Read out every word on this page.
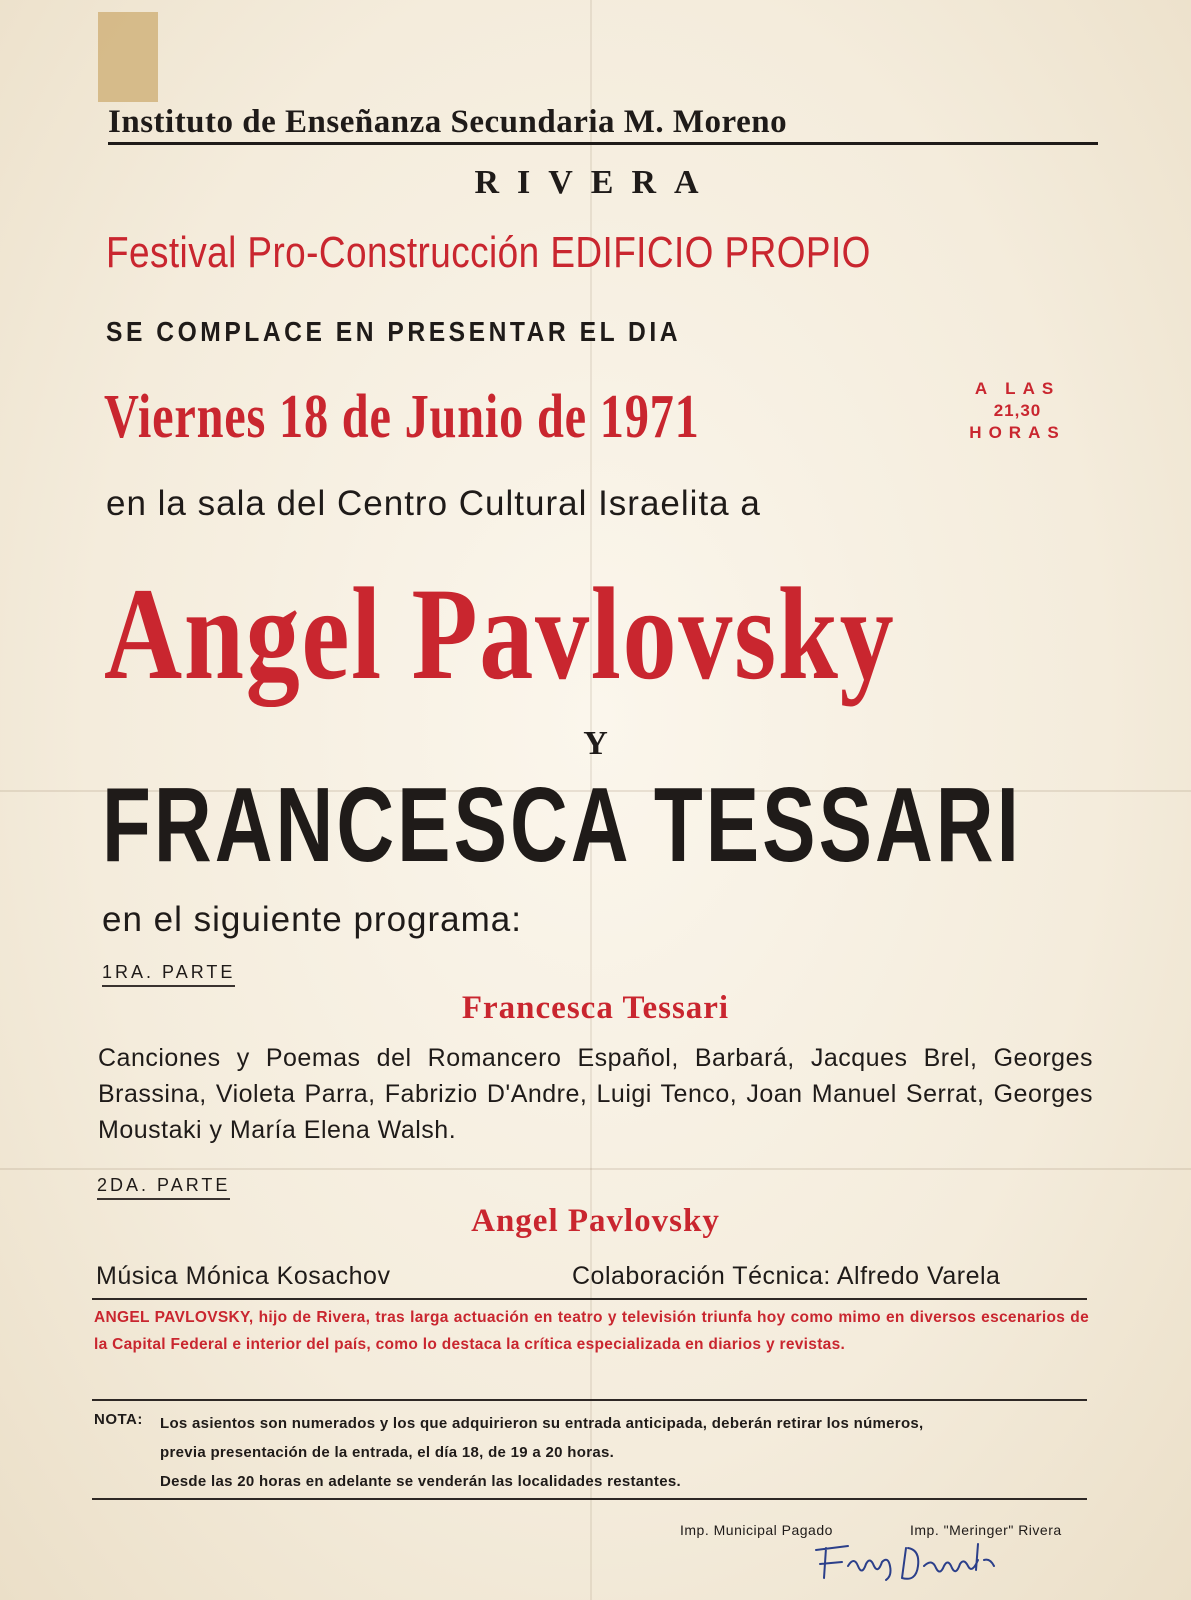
Instituto de Enseñanza Secundaria M. Moreno
RIVERA
Festival Pro-Construcción EDIFICIO PROPIO
SE COMPLACE EN PRESENTAR EL DIA
Viernes 18 de Junio de 1971	A LAS
21,30
HORAS
en la sala del Centro Cultural Israelita a
Angel Pavlovsky
Y
FRANCESCA TESSARI
en el siguiente programa:
1RA. PARTE
Francesca Tessari
Canciones y Poemas del Romancero Español, Barbará, Jacques Brel, Georges Brassina, Violeta Parra, Fabrizio D'Andre, Luigi Tenco, Joan Manuel Serrat, Georges Moustaki y María Elena Walsh.
2DA. PARTE
Angel Pavlovsky
Música Mónica Kosachov	Colaboración Técnica: Alfredo Varela
ANGEL PAVLOVSKY, hijo de Rivera, tras larga actuación en teatro y televisión triunfa hoy como mimo en diversos escenarios de la Capital Federal e interior del país, como lo destaca la crítica especializada en diarios y revistas.
NOTA: Los asientos son numerados y los que adquirieron su entrada anticipada, deberán retirar los números,
previa presentación de la entrada, el día 18, de 19 a 20 horas.
Desde las 20 horas en adelante se venderán las localidades restantes.
Imp. Municipal Pagado	Imp. "Meringer" Rivera
